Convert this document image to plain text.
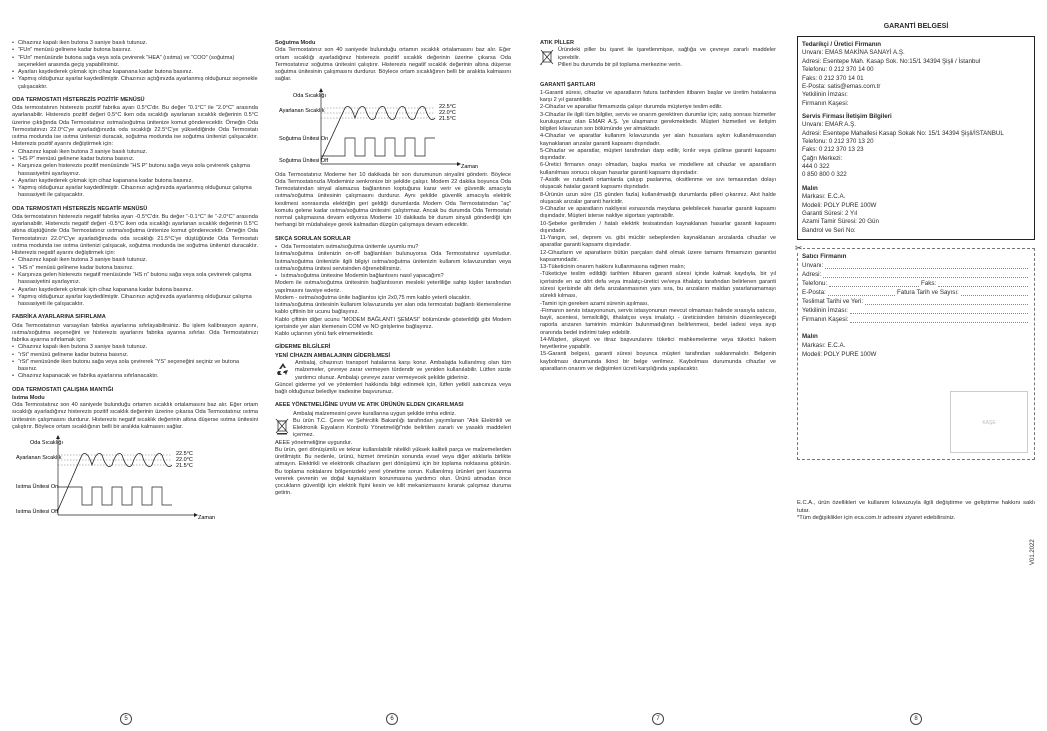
• Cihazınız kapalı iken butona 3 saniye basılı tutunuz.
• “FUn” menüsü gelinene kadar butona basınız.
• “FUn” menüsünde butona sağa veya sola çevirerek “HEA” (ısıtma) ve “COO” (soğutma) seçenekleri arasında geçiş yapabilirsiniz.
• Ayarları kaydederek çıkmak için cihaz kapanana kadar butona basınız.
• Yapmış olduğunuz ayarlar kaydedilmiştir. Cihazınızı açtığınızda ayarlanmış olduğunuz seçenekle çalışacaktır.
ODA TERMOSTATI HİSTEREZİS POZİTİF MENÜSÜ

Oda termostatının histerezis pozitif fabrika ayarı 0.5°C'dir. Bu değer “0.1°C” ile “2.0°C” arasında ayarlanabilir. Histerezis pozitif değeri 0.5°C iken oda sıcaklığı ayarlanan sıcaklık değerinin 0.5°C üzerine çıktığında Oda Termostatınız ısıtma/soğutma ünitenize komut gönderecektir. Örneğin Oda Termostatınızı 22.0°C'ye ayarladığınızda oda sıcaklığı 22.5°C'ye yükseldiğinde Oda Termostatı ısıtma modunda ise ısıtma ünitenizi duracak, soğutma modunda ise soğutma ünitenizi çalışacaktır. Histerezis pozitif ayarını değiştirmek için:

• Cihazınız kapalı iken butona 3 saniye basılı tutunuz.
• “HS P” menüsü gelinene kadar butona basınız.
• Karşınıza gelen histerezis pozitif menüsünde “HS P” butonu sağa veya sola çevirerek çalışma hassasiyetini ayarlayınız.
• Ayarları kaydederek çıkmak için cihaz kapanana kadar butona basınız.
• Yapmış olduğunuz ayarlar kaydedilmiştir. Cihazınızı açtığınızda ayarlanmış olduğunuz çalışma hassasiyeti ile çalışacaktır.
ODA TERMOSTATI HİSTEREZİS NEGATİF MENÜSÜ

Oda termostatının histerezis negatif fabrika ayarı -0.5°C'dir. Bu değer “-0.1°C” ile “-2.0°C” arasında ayarlanabilir. Histerezis negatif değeri -0.5°C iken oda sıcaklığı ayarlanan sıcaklık değerinin 0.5°C altına düştüğünde Oda Termostatınız ısıtma/soğutma ünitenize komut gönderecektir. Örneğin Oda Termostatınızı 22.0°C'ye ayarladığınızda oda sıcaklığı 21.5°C'ye düştüğünde Oda Termostatı ısıtma modunda ise ısıtma ünitenizi çalışacak, soğutma modunda ise soğutma ünitenizi duracaktır. Histerezis negatif ayarını değiştirmek için:

• Cihazınız kapalı iken butona 3 saniye basılı tutunuz.
• “HS n” menüsü gelinene kadar butona basınız.
• Karşınıza gelen histerezis negatif menüsünde “HS n” butonu sağa veya sola çevirerek çalışma hassasiyetini ayarlayınız.
• Ayarları kaydederek çıkmak için cihaz kapanana kadar butona basınız.
• Yapmış olduğunuz ayarlar kaydedilmiştir. Cihazınızı açtığınızda ayarlanmış olduğunuz çalışma hassasiyeti ile çalışacaktır.
FABRİKA AYARLARINA SIFIRLAMA

Oda Termostatınızı varsayılan fabrika ayarlarına sıfırlayabilirsiniz. Bu işlem kalibrasyon ayarını, ısıtma/soğutma seçeneğini ve histerezis ayarlarını fabrika ayarına sıfırlar. Oda Termostatınızı fabrika ayarına sıfırlamak için:

• Cihazınız kapalı iken butona 3 saniye basılı tutunuz.
• “rSt” menüsü gelinene kadar butona basınız.
• “rSt” menüsünde iken butonu sağa veya sola çevirerek “YS” seçeneğini seçiniz ve butona basınız.
• Cihazınız kapanacak ve fabrika ayarlarına sıfırlanacaktır.
ODA TERMOSTATI ÇALIŞMA MANTIĞI
Isıtma Modu

Oda Termostatınız son 40 saniyede bulunduğu ortamın sıcaklık ortalamasını baz alır. Eğer ortam sıcaklığı ayarladığınız histerezis pozitif sıcaklık değerinin üzerine çıkarsa Oda Termostatınız ısıtma ünitesinin çalışmasını durdurur. Histerezis negatif sıcaklık değerinin altına düşerse ısıtma ünitesini çalıştırır. Böylece ortam sıcaklığının belli bir aralıkta kalmasını sağlar.

Oda Sıcaklığı
Ayarlanan Sıcaklık
Isıtma Ünitesi On
Isıtma Ünitesi Off
22.5°C
22.0°C
21.5°C
Zaman
5
Soğutma Modu

Oda Termostatınız son 40 saniyede bulunduğu ortamın sıcaklık ortalamasını baz alır. Eğer ortam sıcaklığı ayarladığınız histerezis pozitif sıcaklık değerinin üzerine çıkarsa Oda Termostatınız soğutma ünitesini çalıştırır. Histerezis negatif sıcaklık değerinin altına düşerse soğutma ünitesinin çalışmasını durdurur. Böylece ortam sıcaklığının belli bir aralıkta kalmasını sağlar.

Oda Sıcaklığı
Ayarlanan Sıcaklık
Soğutma Ünitesi On
Soğutma Ünitesi Off
22.5°C
22.0°C
21.5°C
Zaman

Oda Termostatınız Modeme her 10 dakikada bir son durumunun sinyalini gönderir. Böylece Oda Termostatınızla Modeminiz senkronize bir şekilde çalışır. Modem 22 dakika boyunca Oda Termostatından sinyal alamazsa bağlantının koptuğuna karar verir ve güvenlik amacıyla ısıtma/soğutma ünitesinin çalışmasını durdurur. Aynı şekilde güvenlik amacıyla elektrik kesilmesi sonrasında elektriğin geri geldiği durumlarda Modem Oda Termostatından “aç” komutu gelene kadar ısıtma/soğutma ünitesini çalıştırmaz. Ancak bu durumda Oda Termostatı normal çalışmasına devam ediyorsa Modeme 10 dakikada bir durum sinyali gönderdiği için herhangi bir müdahaleye gerek kalmadan düzgün çalışmaya devam edecektir.

SIKÇA SORULAN SORULAR
• Oda Termostatım ısıtma/soğutma ünitemle uyumlu mu?

Isıtma/soğutma ünitenizin on-off bağlantıları bulunuyorsa Oda Termostatınız uyumludur. Isıtma/soğutma ünitenizle ilgili bilgiyi ısıtma/soğutma ünitenizin kullanım kılavuzundan veya ısıtma/soğutma ünitesi servisinden öğrenebilirsiniz.

• Isıtma/soğutma ünitesine Modemin bağlantısını nasıl yapacağım?

Modem ile ısıtma/soğutma ünitesinin bağlantısının mesleki yeterliliğe sahip kişiler tarafından yapılmasını tavsiye ederiz.

Modem - ısıtma/soğutma ünite bağlantısı için 2x0,75 mm kablo yeterli olacaktır.

Isıtma/soğutma ünitesinin kullanım kılavuzunda yer alan oda termostatı bağlantı klemenslerine kablo çiftinin bir ucunu bağlayınız.

Kablo çiftinin diğer ucunu “MODEM BAĞLANTI ŞEMASI” bölümünde gösterildiği gibi Modem içerisinde yer alan klemensin COM ve NO girişlerine bağlayınız.

Kablo uçlarının yönü fark etmemektedir.

GİDERME BİLGİLERİ
YENİ CİHAZIN AMBALAJININ GİDERİLMESİ

Ambalaj, cihazınızı transport hatalarına karşı korur. Ambalajda kullanılmış olan tüm malzemeler, çevreye zarar vermeyen türdendir ve yeniden kullanılabilir. Lütfen sizde yardımcı olunuz. Ambalajı çevreye zarar vermeyecek şekilde gideriniz.

Güncel giderme yol ve yöntemleri hakkında bilgi edinmek için, lütfen yetkili satıcınıza veya bağlı olduğunuz belediye iradesine başvurunuz.

AEEE YÖNETMELİĞİNE UYUM VE ATIK ÜRÜNÜN ELDEN ÇIKARILMASI

Ambalaj malzemesini çevre kurallarına uygun şekilde imha ediniz.

Bu ürün T.C. Çevre ve Şehircilik Bakanlığı tarafından yayımlanan “Atık Elektrikli ve Elektronik Eşyaların Kontrolü Yönetmeliği”nde belirtilen zararlı ve yasaklı maddeleri içermez.

AEEE yönetmeliğine uygundur.

Bu ürün, geri dönüşümlü ve tekrar kullanılabilir nitelikli yüksek kaliteli parça ve malzemelerden üretilmiştir. Bu nedenle, ürünü, hizmet ömrünün sonunda evsel veya diğer atıklarla birlikte atmayın. Elektrikli ve elektronik cihazların geri dönüşümü için bir toplama noktasına götürün. Bu toplama noktalarını bölgenizdeki yerel yönetime sorun. Kullanılmış ürünleri geri kazanma vererek çevrenin ve doğal kaynakların korunmasına yardımcı olun. Ürünü atmadan önce çocukların güvenliği için elektrik fişini kesin ve kilit mekanizmasını kırarak çalışmaz duruma getirin.

6
ATIK PİLLER

Üründeki piller bu işaret ile işaretlenmişse, sağlığa ve çevreye zararlı maddeler içerebilir.

• Pilleri bu durumda bir pil toplama merkezine verin.
GARANTİ ŞARTLARI

1-Garanti süresi, cihazlar ve aparatların fatura tarihinden itibaren başlar ve üretim hatalarına karşı 2 yıl garantilidir.

2-Cihazlar ve aparatlar firmamızda çalışır durumda müşteriye teslim edilir.

3-Cihazlar ile ilgili tüm bilgiler, servis ve onarım gerektiren durumlar için; satış sonrası hizmetler kuruluşumuz olan EMAR A.Ş. 'ye ulaşmanız gerekmektedir. Müşteri hizmetleri ve iletişim bilgileri kılavuzun son bölümünde yer almaktadır.

4-Cihazlar ve aparatlar kullanım kılavuzunda yer alan hususlara aykırı kullanılmasından kaynaklanan arızalar garanti kapsamı dışındadır.

5-Cihazlar ve aparatlar, müşteri tarafından darp edilir, kırılır veya çizilirse garanti kapsamı dışındadır.

6-Üretici firmanın onayı olmadan, başka marka ve modellere ait cihazlar ve aparatların kullanılması sonucu oluşan hasarlar garanti kapsamı dışındadır.

7-Asidik ve rutubetli ortamlarda çalışıp paslanma, oksitlenme ve sıvı temasından dolayı oluşacak hatalar garanti kapsamı dışındadır.

8-Ürünün uzun süre (15 günden fazla) kullanılmadığı durumlarda pilleri çıkarınız. Akıt halde oluşacak arızalar garanti haricidir.

9-Cihazlar ve aparatların nakliyesi esnasında meydana gelebilecek hasarlar garanti kapsamı dışındadır. Müşteri isterse nakliye sigortası yaptırabilir.

10-Şebeke gerilimden / hatalı elektrik tesisatından kaynaklanan hasarlar garanti kapsamı dışındadır.

11-Yangın, sel, deprem vs. gibi mücbir sebeplerden kaynaklanan arızalarda cihazlar ve aparatlar garanti kapsamı dışındadır.

12-Cihazların ve aparatların bütün parçaları dahil olmak üzere tamamı firmamızın garantisi kapsamındadır.

13-Tüketicinin onarım hakkını kullanmasına rağmen malın;

-Tüketiciye teslim edildiği tarihten itibaren garanti süresi içinde kalmak kaydıyla, bir yıl içerisinde en az dört defa veya imalatçı-üretici ve/veya ithalatçı tarafından belirlenen garanti süresi içerisinde altı defa arızalanmasının yanı sıra, bu arızaların maldan yararlanamamayı sürekli kılması,

-Tamiri için gereken azami sürenin aşılması,

-Firmanın servis istasyonunun, servis istasyonunun mevcut olmaması halinde sırasıyla satıcısı, bayii, acentesi, temsilciliği, ithalatçısı veya imalatçı - üreticisinden birisinin düzenleyeceği raporla arızanın tamirinin mümkün bulunmadığının belirlenmesi, bedel iadesi veya ayıp oranında bedel indirimi talep edebilir.

14-Müşteri, şikayet ve itiraz başvurularını tüketici mahkemelerine veya tüketici hakem heyetlerine yapabilir.

15-Garanti belgesi, garanti süresi boyunca müşteri tarafından saklanmalıdır. Belgenin kaybolması durumunda ikinci bir belge verilmez. Kaybolması durumunda cihazlar ve aparatların onarım ve değişimleri ücreti karşılığında yapılacaktır.

7
GARANTİ BELGESİ
Tedarikçi / Üretici Firmanın
Unvanı: EMAS MAKİNA SANAYİ A.Ş.
Adresi: Esentepe Mah. Kasap Sok. No:15/1 34394 Şişli / İstanbul
Telefonu: 0 212 370 14 00
Faks: 0 212 370 14 01
E-Posta: satis@emas.com.tr
Yetkilinin İmzası:
Firmanın Kaşesi:
Servis Firması İletişim Bilgileri
Unvanı: EMAR A.Ş.
Adresi: Esentepe Mahallesi Kasap Sokak No: 15/1 34394 Şişli/İSTANBUL
Telefonu: 0 212 370 13 20
Faks: 0 212 370 13 23
Çağrı Merkezi:
444 0 322
0 850 800 0 322
Malın
Markası: E.C.A.
Modeli: POLY PURE 100W
Garanti Süresi: 2 Yıl
Azami Tamir Süresi: 20 Gün
Bandrol ve Seri No:
✂
Satıcı Firmanın
Unvanı:
Adresi:
Telefonu:	Faks:
E-Posta:	Fatura Tarih ve Sayısı:
Teslimat Tarihi ve Yeri:
Yetkilinin İmzası:
Firmanın Kaşesi:
Malın
Markası: E.C.A.
Modeli: POLY PURE 100W
KAŞE

E.C.A., ürün özellikleri ve kullanım kılavuzuyla ilgili değiştirme ve geliştirme hakkını saklı tutar.

*Tüm değişiklikler için eca.com.tr adresini ziyaret edebilirsiniz.

V01.2022
8
